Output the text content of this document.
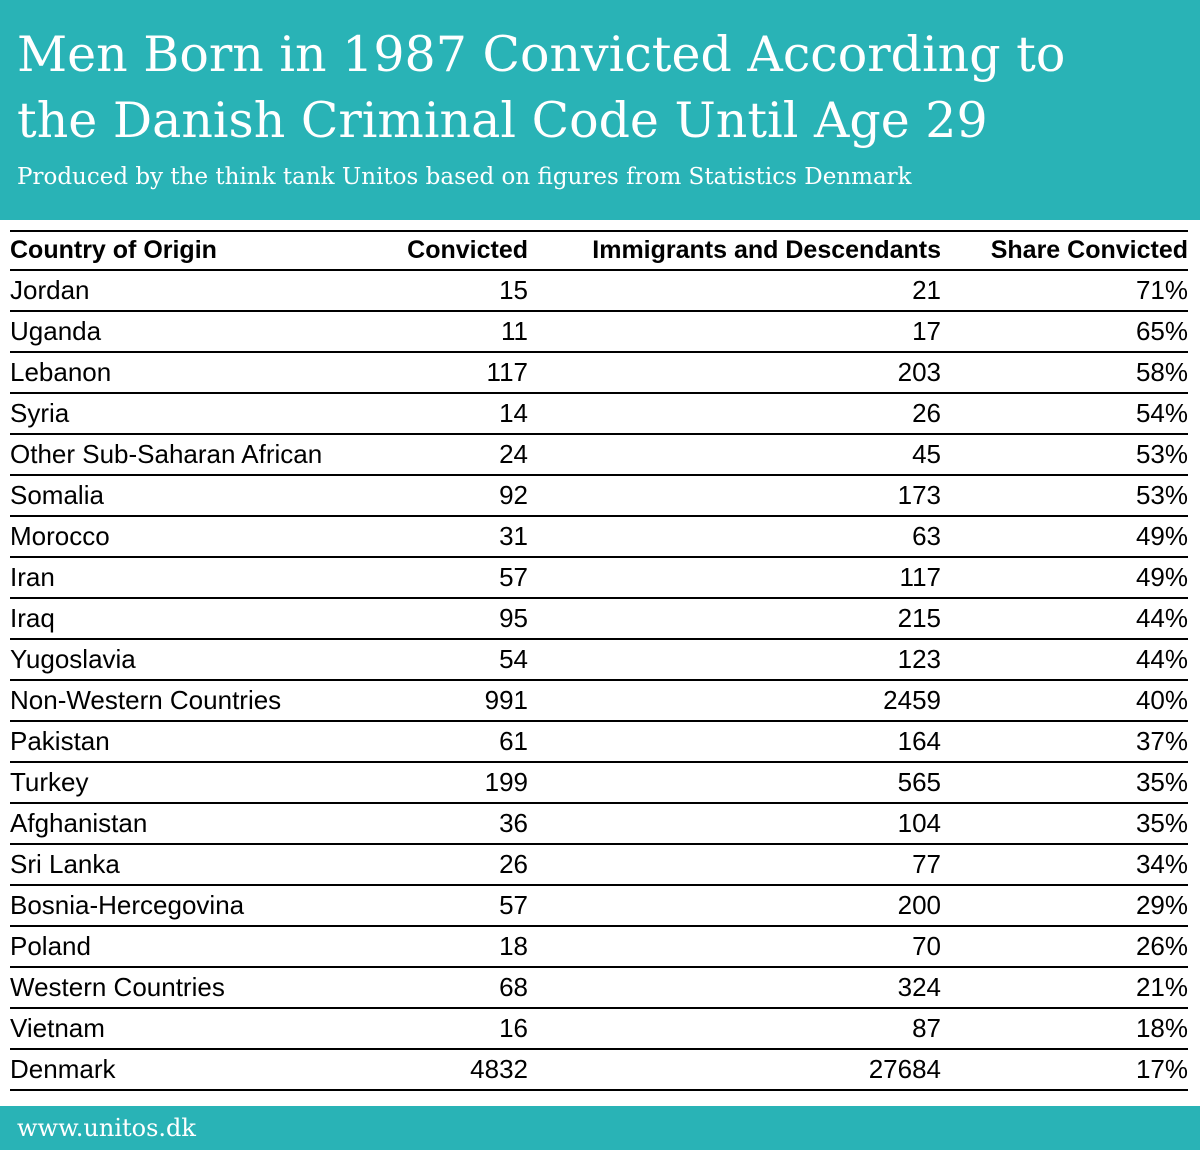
Men Born in 1987 Convicted According to
the Danish Criminal Code Until Age 29
Produced by the think tank Unitos based on figures from Statistics Denmark
Country of Origin	Convicted	Immigrants and Descendants	Share Convicted
Jordan	15	21	71%
Uganda	11	17	65%
Lebanon	117	203	58%
Syria	14	26	54%
Other Sub-Saharan African	24	45	53%
Somalia	92	173	53%
Morocco	31	63	49%
Iran	57	117	49%
Iraq	95	215	44%
Yugoslavia	54	123	44%
Non-Western Countries	991	2459	40%
Pakistan	61	164	37%
Turkey	199	565	35%
Afghanistan	36	104	35%
Sri Lanka	26	77	34%
Bosnia-Hercegovina	57	200	29%
Poland	18	70	26%
Western Countries	68	324	21%
Vietnam	16	87	18%
Denmark	4832	27684	17%
www.unitos.dk
